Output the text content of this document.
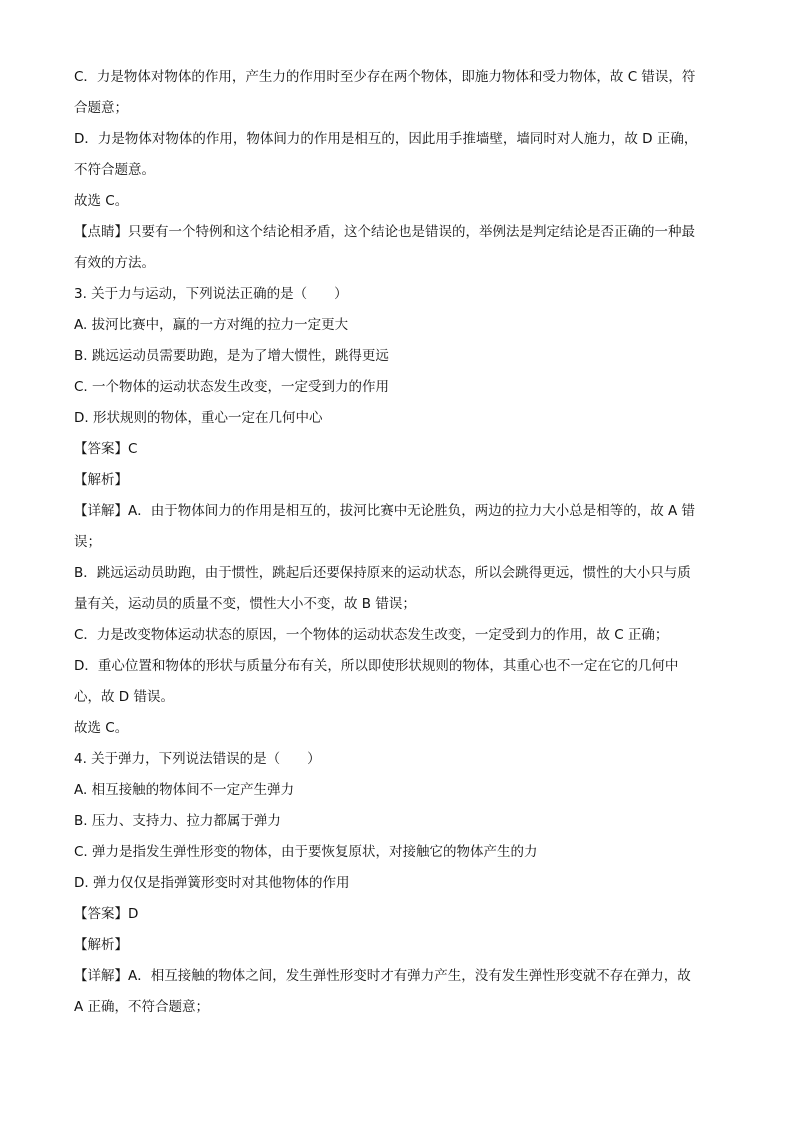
C．力是物体对物体的作用，产生力的作用时至少存在两个物体，即施力物体和受力物体，故 C 错误，符

合题意；

D．力是物体对物体的作用，物体间力的作用是相互的，因此用手推墙壁，墙同时对人施力，故 D 正确，

不符合题意。

故选 C。

【点睛】只要有一个特例和这个结论相矛盾，这个结论也是错误的，举例法是判定结论是否正确的一种最

有效的方法。

3. 关于力与运动，下列说法正确的是（　　）

A. 拔河比赛中，赢的一方对绳的拉力一定更大

B. 跳远运动员需要助跑，是为了增大惯性，跳得更远

C. 一个物体的运动状态发生改变，一定受到力的作用

D. 形状规则的物体，重心一定在几何中心

【答案】C

【解析】

【详解】A．由于物体间力的作用是相互的，拔河比赛中无论胜负，两边的拉力大小总是相等的，故 A 错

误；

B．跳远运动员助跑，由于惯性，跳起后还要保持原来的运动状态，所以会跳得更远，惯性的大小只与质

量有关，运动员的质量不变，惯性大小不变，故 B 错误；

C．力是改变物体运动状态的原因，一个物体的运动状态发生改变，一定受到力的作用，故 C 正确；

D．重心位置和物体的形状与质量分布有关，所以即使形状规则的物体，其重心也不一定在它的几何中

心，故 D 错误。

故选 C。

4. 关于弹力，下列说法错误的是（　　）

A. 相互接触的物体间不一定产生弹力

B. 压力、支持力、拉力都属于弹力

C. 弹力是指发生弹性形变的物体，由于要恢复原状，对接触它的物体产生的力

D. 弹力仅仅是指弹簧形变时对其他物体的作用

【答案】D

【解析】

【详解】A．相互接触的物体之间，发生弹性形变时才有弹力产生，没有发生弹性形变就不存在弹力，故

A 正确，不符合题意；
